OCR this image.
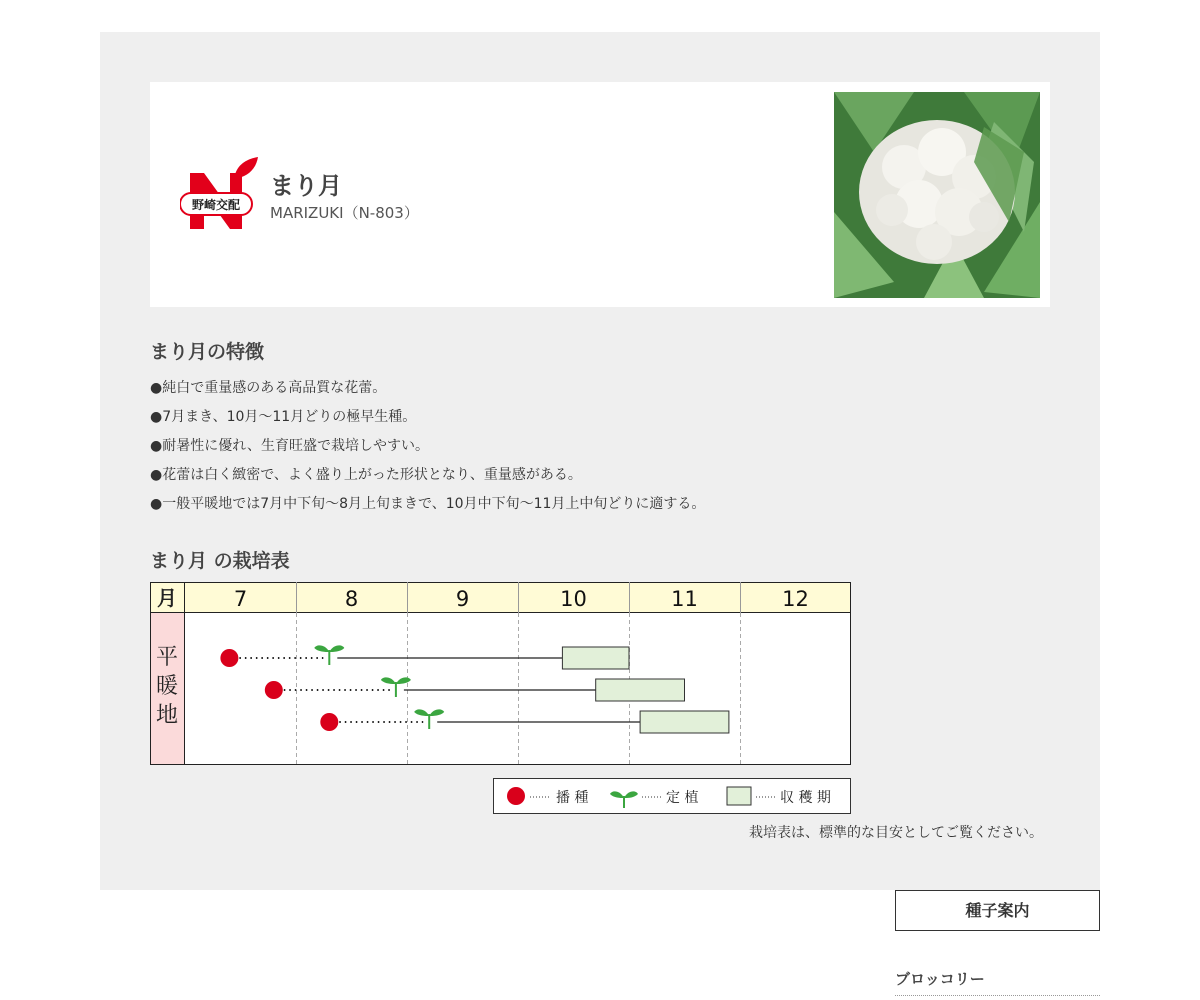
野崎交配
まり月
MARIZUKI（N-803）
まり月の特徴
●純白で重量感のある高品質な花蕾。
●7月まき、10月〜11月どりの極早生種。
●耐暑性に優れ、生育旺盛で栽培しやすい。
●花蕾は白く緻密で、よく盛り上がった形状となり、重量感がある。
●一般平暖地では7月中下旬〜8月上旬まきで、10月中下旬〜11月上中旬どりに適する。
まり月 の栽培表
月	7	8	9	10	11	12
平
暖
地
播 種	定 植	収 穫 期
栽培表は、標準的な目安としてご覧ください。
種子案内
ブロッコリー
